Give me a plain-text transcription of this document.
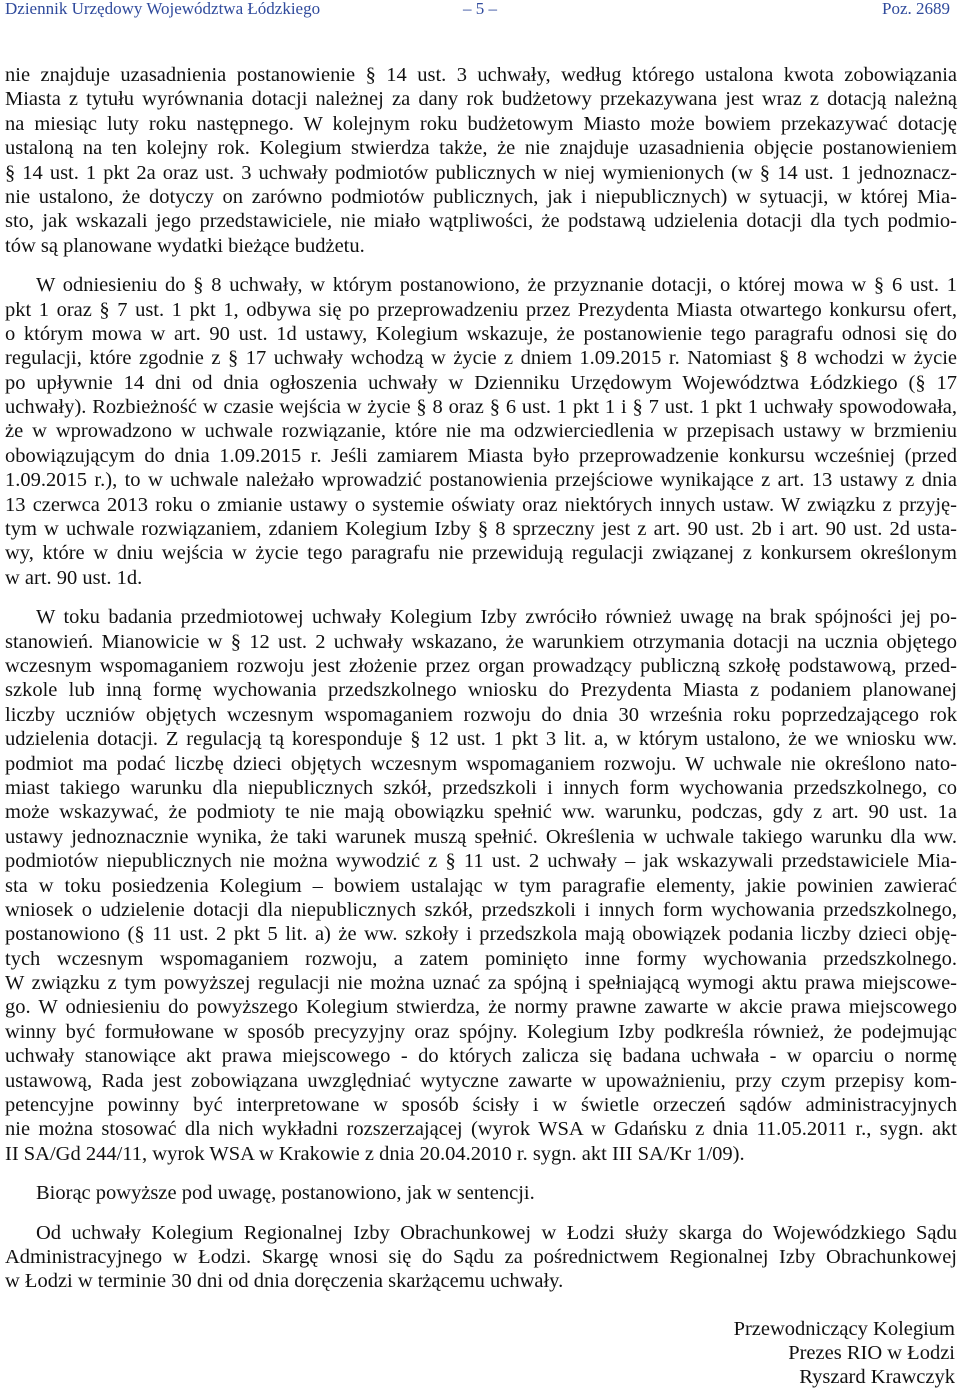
Dziennik Urzędowy Województwa Łódzkiego	– 5 –	Poz. 2689

nie znajduje uzasadnienia postanowienie § 14 ust. 3 uchwały, według którego ustalona kwota zobowiązania
Miasta z tytułu wyrównania dotacji należnej za dany rok budżetowy przekazywana jest wraz z dotacją należną
na miesiąc luty roku następnego. W kolejnym roku budżetowym Miasto może bowiem przekazywać dotację
ustaloną na ten kolejny rok. Kolegium stwierdza także, że nie znajduje uzasadnienia objęcie postanowieniem
§ 14 ust. 1 pkt 2a oraz ust. 3 uchwały podmiotów publicznych w niej wymienionych (w § 14 ust. 1 jednoznacz-
nie ustalono, że dotyczy on zarówno podmiotów publicznych, jak i niepublicznych) w sytuacji, w której Mia-
sto, jak wskazali jego przedstawiciele, nie miało wątpliwości, że podstawą udzielenia dotacji dla tych podmio-
tów są planowane wydatki bieżące budżetu.

W odniesieniu do § 8 uchwały, w którym postanowiono, że przyznanie dotacji, o której mowa w § 6 ust. 1
pkt 1 oraz § 7 ust. 1 pkt 1, odbywa się po przeprowadzeniu przez Prezydenta Miasta otwartego konkursu ofert,
o którym mowa w art. 90 ust. 1d ustawy, Kolegium wskazuje, że postanowienie tego paragrafu odnosi się do
regulacji, które zgodnie z § 17 uchwały wchodzą w życie z dniem 1.09.2015 r. Natomiast § 8 wchodzi w życie
po upływnie 14 dni od dnia ogłoszenia uchwały w Dzienniku Urzędowym Województwa Łódzkiego (§ 17
uchwały). Rozbieżność w czasie wejścia w życie § 8 oraz § 6 ust. 1 pkt 1 i § 7 ust. 1 pkt 1 uchwały spowodowała,
że w wprowadzono w uchwale rozwiązanie, które nie ma odzwierciedlenia w przepisach ustawy w brzmieniu
obowiązującym do dnia 1.09.2015 r. Jeśli zamiarem Miasta było przeprowadzenie konkursu wcześniej (przed
1.09.2015 r.), to w uchwale należało wprowadzić postanowienia przejściowe wynikające z art. 13 ustawy z dnia
13 czerwca 2013 roku o zmianie ustawy o systemie oświaty oraz niektórych innych ustaw. W związku z przyję-
tym w uchwale rozwiązaniem, zdaniem Kolegium Izby § 8 sprzeczny jest z art. 90 ust. 2b i art. 90 ust. 2d usta-
wy, które w dniu wejścia w życie tego paragrafu nie przewidują regulacji związanej z konkursem określonym
w art. 90 ust. 1d.

W toku badania przedmiotowej uchwały Kolegium Izby zwróciło również uwagę na brak spójności jej po-
stanowień. Mianowicie w § 12 ust. 2 uchwały wskazano, że warunkiem otrzymania dotacji na ucznia objętego
wczesnym wspomaganiem rozwoju jest złożenie przez organ prowadzący publiczną szkołę podstawową, przed-
szkole lub inną formę wychowania przedszkolnego wniosku do Prezydenta Miasta z podaniem planowanej
liczby uczniów objętych wczesnym wspomaganiem rozwoju do dnia 30 września roku poprzedzającego rok
udzielenia dotacji. Z regulacją tą koresponduje § 12 ust. 1 pkt 3 lit. a, w którym ustalono, że we wniosku ww.
podmiot ma podać liczbę dzieci objętych wczesnym wspomaganiem rozwoju. W uchwale nie określono nato-
miast takiego warunku dla niepublicznych szkół, przedszkoli i innych form wychowania przedszkolnego, co
może wskazywać, że podmioty te nie mają obowiązku spełnić ww. warunku, podczas, gdy z art. 90 ust. 1a
ustawy jednoznacznie wynika, że taki warunek muszą spełnić. Określenia w uchwale takiego warunku dla ww.
podmiotów niepublicznych nie można wywodzić z § 11 ust. 2 uchwały – jak wskazywali przedstawiciele Mia-
sta w toku posiedzenia Kolegium – bowiem ustalając w tym paragrafie elementy, jakie powinien zawierać
wniosek o udzielenie dotacji dla niepublicznych szkół, przedszkoli i innych form wychowania przedszkolnego,
postanowiono (§ 11 ust. 2 pkt 5 lit. a) że ww. szkoły i przedszkola mają obowiązek podania liczby dzieci obję-
tych wczesnym wspomaganiem rozwoju, a zatem pominięto inne formy wychowania przedszkolnego.
W związku z tym powyższej regulacji nie można uznać za spójną i spełniającą wymogi aktu prawa miejscowe-
go. W odniesieniu do powyższego Kolegium stwierdza, że normy prawne zawarte w akcie prawa miejscowego
winny być formułowane w sposób precyzyjny oraz spójny. Kolegium Izby podkreśla również, że podejmując
uchwały stanowiące akt prawa miejscowego - do których zalicza się badana uchwała - w oparciu o normę
ustawową, Rada jest zobowiązana uwzględniać wytyczne zawarte w upoważnieniu, przy czym przepisy kom-
petencyjne powinny być interpretowane w sposób ścisły i w świetle orzeczeń sądów administracyjnych
nie można stosować dla nich wykładni rozszerzającej (wyrok WSA w Gdańsku z dnia 11.05.2011 r., sygn. akt
II SA/Gd 244/11, wyrok WSA w Krakowie z dnia 20.04.2010 r. sygn. akt III SA/Kr 1/09).

Biorąc powyższe pod uwagę, postanowiono, jak w sentencji.

Od uchwały Kolegium Regionalnej Izby Obrachunkowej w Łodzi służy skarga do Wojewódzkiego Sądu
Administracyjnego w Łodzi. Skargę wnosi się do Sądu za pośrednictwem Regionalnej Izby Obrachunkowej
w Łodzi w terminie 30 dni od dnia doręczenia skarżącemu uchwały.

Przewodniczący Kolegium
Prezes RIO w Łodzi
Ryszard Krawczyk
